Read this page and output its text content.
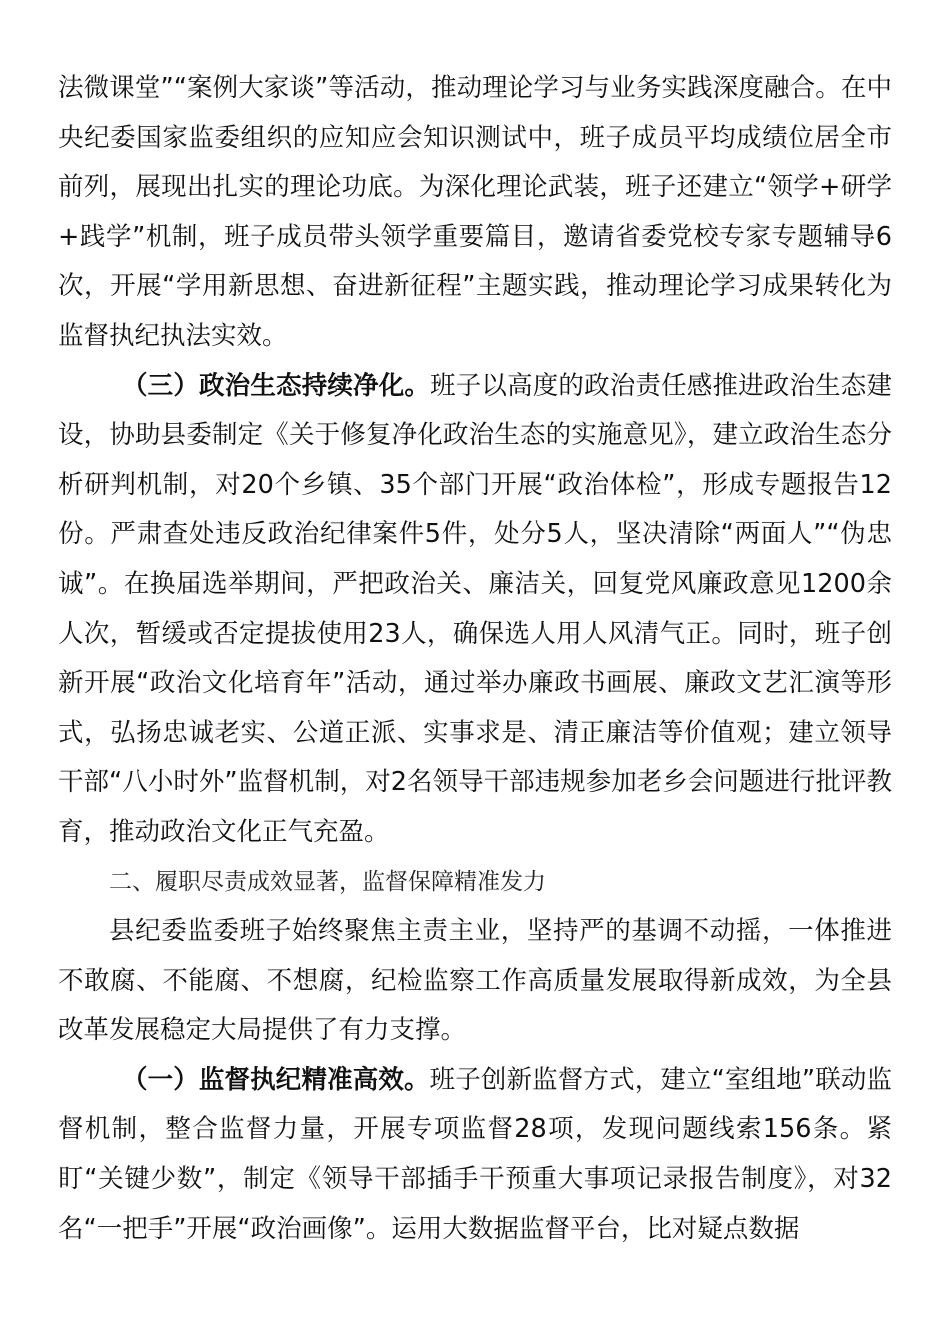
法微课堂”“案例大家谈”等活动，推动理论学习与业务实践深度融合。在中央纪委国家监委组织的应知应会知识测试中，班子成员平均成绩位居全市前列，展现出扎实的理论功底。为深化理论武装，班子还建立“领学+研学+践学”机制，班子成员带头领学重要篇目，邀请省委党校专家专题辅导6次，开展“学用新思想、奋进新征程”主题实践，推动理论学习成果转化为监督执纪执法实效。

（三）政治生态持续净化。班子以高度的政治责任感推进政治生态建设，协助县委制定《关于修复净化政治生态的实施意见》，建立政治生态分析研判机制，对20个乡镇、35个部门开展“政治体检”，形成专题报告12份。严肃查处违反政治纪律案件5件，处分5人，坚决清除“两面人”“伪忠诚”。在换届选举期间，严把政治关、廉洁关，回复党风廉政意见1200余人次，暂缓或否定提拔使用23人，确保选人用人风清气正。同时，班子创新开展“政治文化培育年”活动，通过举办廉政书画展、廉政文艺汇演等形式，弘扬忠诚老实、公道正派、实事求是、清正廉洁等价值观；建立领导干部“八小时外”监督机制，对2名领导干部违规参加老乡会问题进行批评教育，推动政治文化正气充盈。

二、履职尽责成效显著，监督保障精准发力

县纪委监委班子始终聚焦主责主业，坚持严的基调不动摇，一体推进不敢腐、不能腐、不想腐，纪检监察工作高质量发展取得新成效，为全县改革发展稳定大局提供了有力支撑。

（一）监督执纪精准高效。班子创新监督方式，建立“室组地”联动监督机制，整合监督力量，开展专项监督28项，发现问题线索156条。紧盯“关键少数”，制定《领导干部插手干预重大事项记录报告制度》，对32名“一把手”开展“政治画像”。运用大数据监督平台，比对疑点数据
